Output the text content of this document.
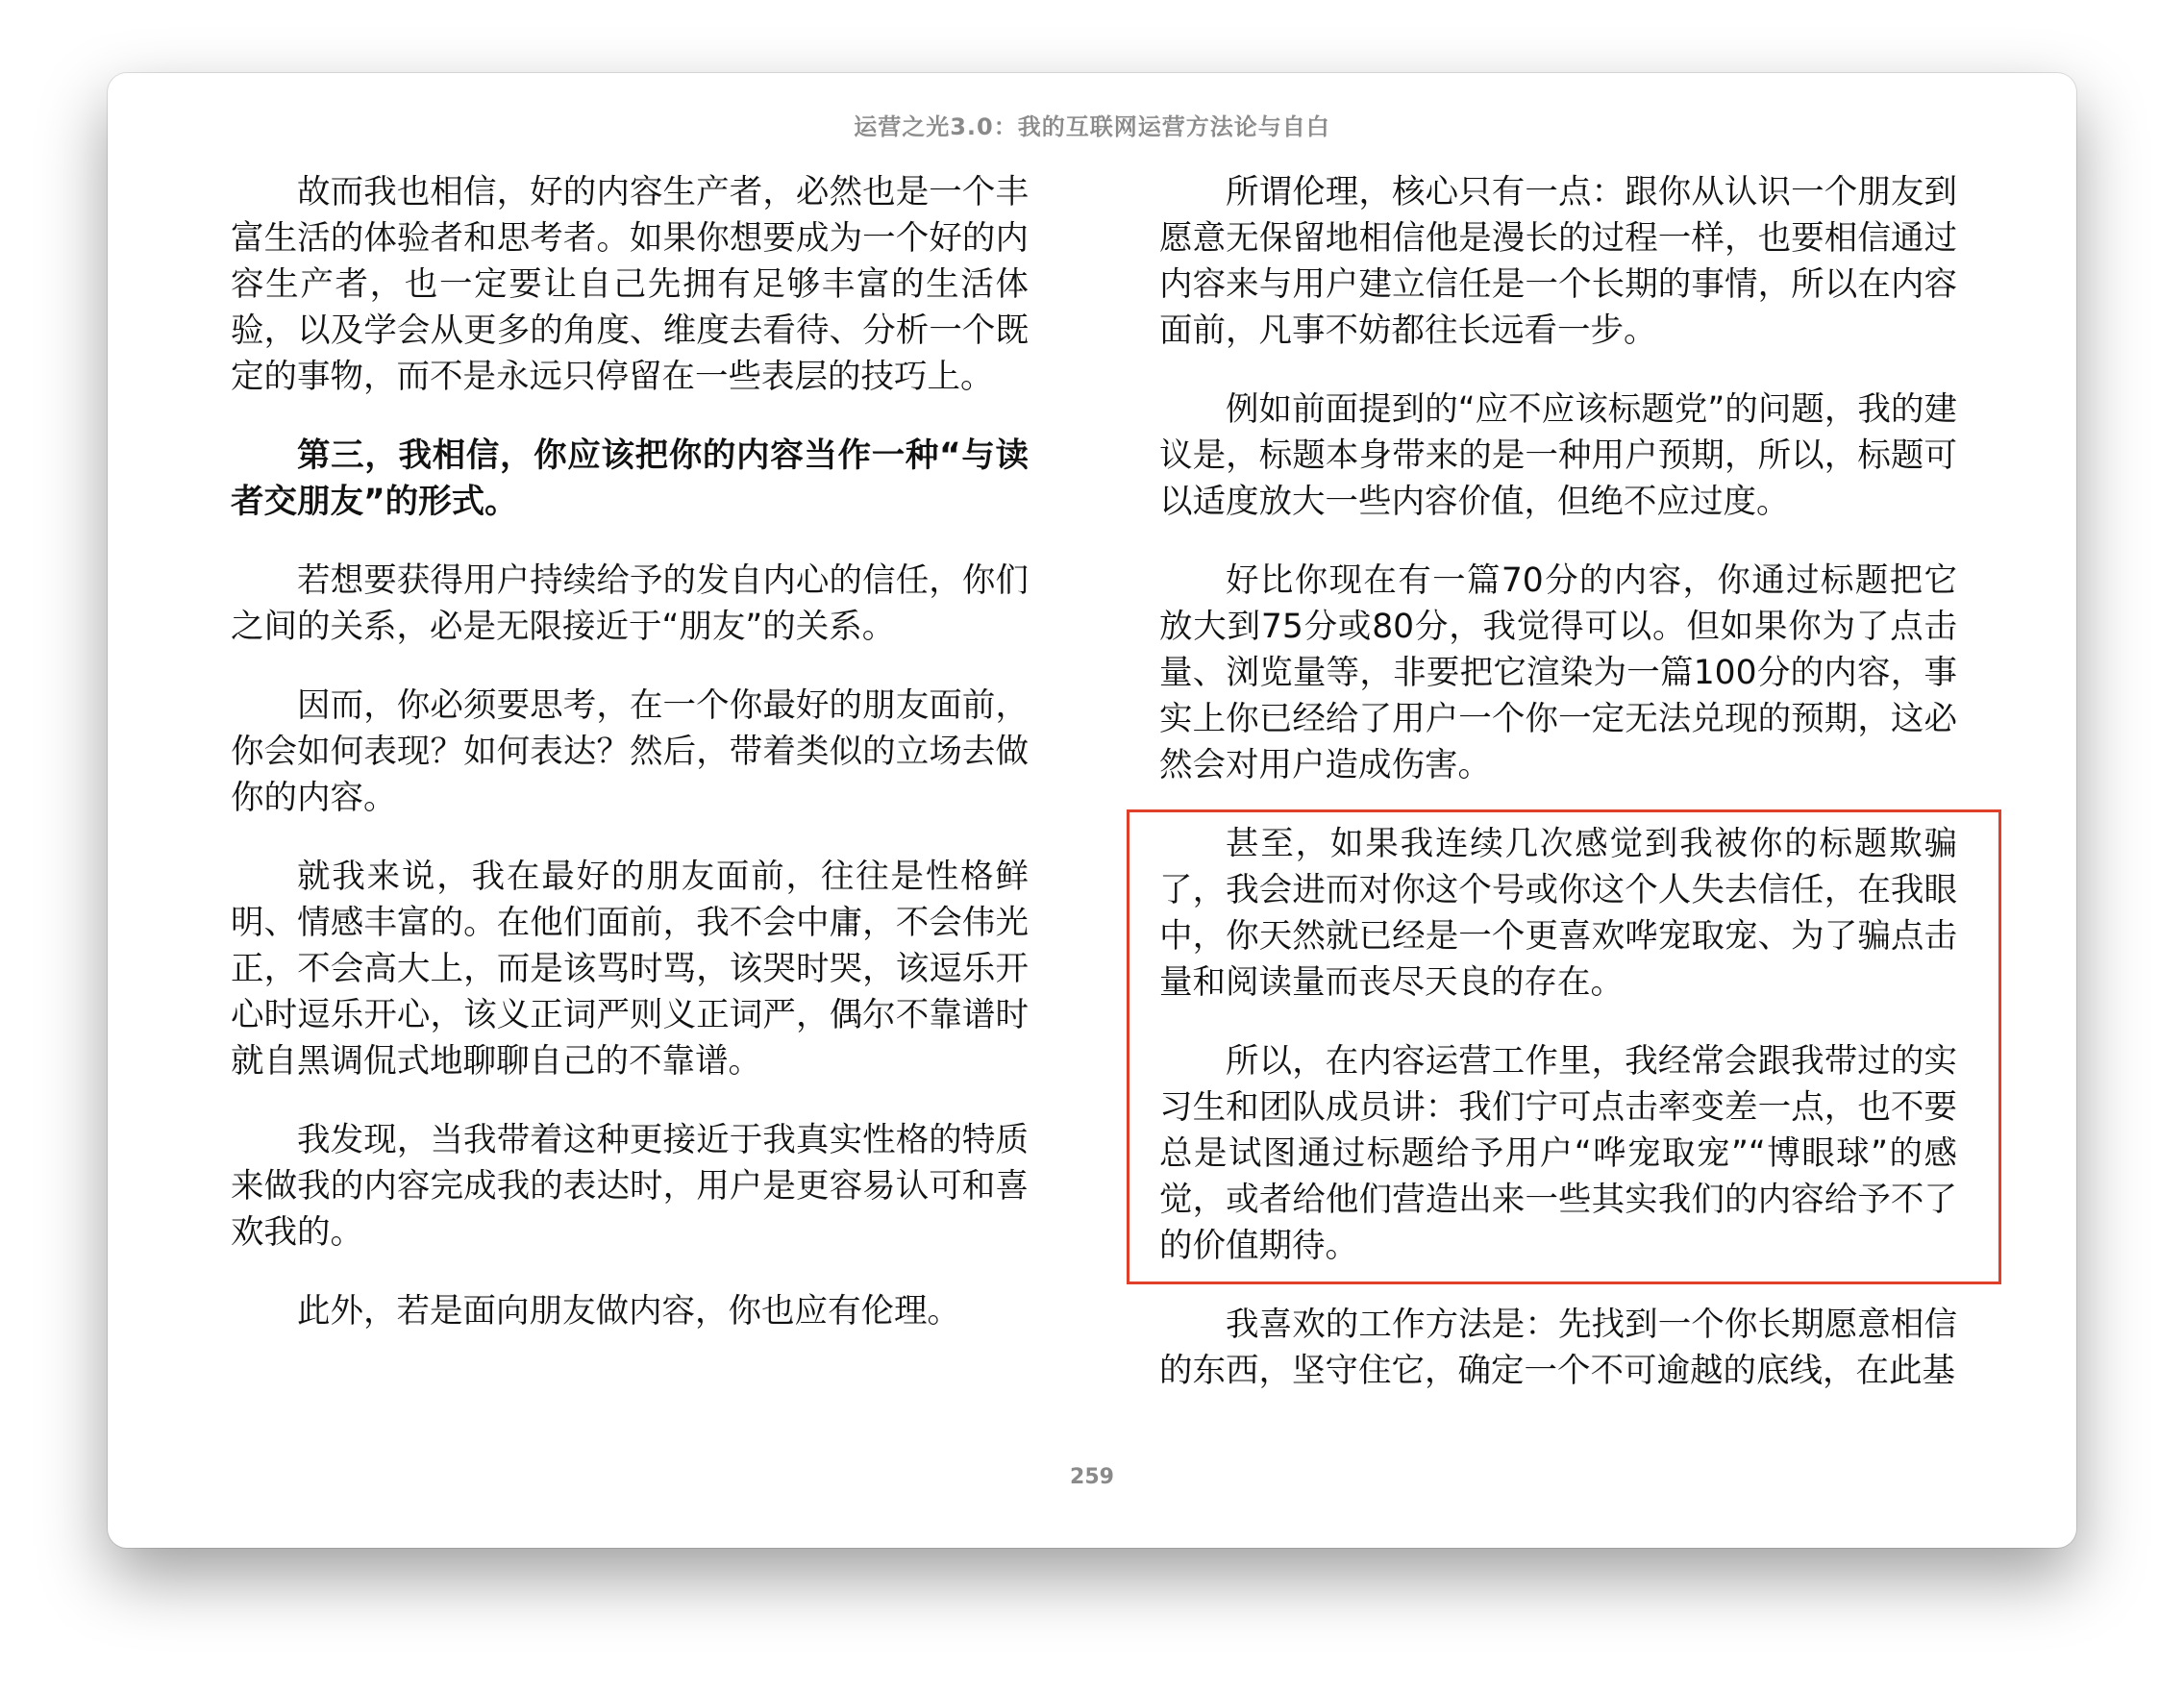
运营之光3.0：我的互联网运营方法论与自白

故而我也相信，好的内容生产者，必然也是一个丰富生活的体验者和思考者。如果你想要成为一个好的内容生产者，也一定要让自己先拥有足够丰富的生活体验，以及学会从更多的角度、维度去看待、分析一个既定的事物，而不是永远只停留在一些表层的技巧上。

第三，我相信，你应该把你的内容当作一种“与读者交朋友”的形式。

若想要获得用户持续给予的发自内心的信任，你们之间的关系，必是无限接近于“朋友”的关系。

因而，你必须要思考，在一个你最好的朋友面前，你会如何表现？如何表达？然后，带着类似的立场去做你的内容。

就我来说，我在最好的朋友面前，往往是性格鲜明、情感丰富的。在他们面前，我不会中庸，不会伟光正，不会高大上，而是该骂时骂，该哭时哭，该逗乐开心时逗乐开心，该义正词严则义正词严，偶尔不靠谱时就自黑调侃式地聊聊自己的不靠谱。

我发现，当我带着这种更接近于我真实性格的特质来做我的内容完成我的表达时，用户是更容易认可和喜欢我的。

此外，若是面向朋友做内容，你也应有伦理。

所谓伦理，核心只有一点：跟你从认识一个朋友到愿意无保留地相信他是漫长的过程一样，也要相信通过内容来与用户建立信任是一个长期的事情，所以在内容面前，凡事不妨都往长远看一步。

例如前面提到的“应不应该标题党”的问题，我的建议是，标题本身带来的是一种用户预期，所以，标题可以适度放大一些内容价值，但绝不应过度。

好比你现在有一篇70分的内容，你通过标题把它放大到75分或80分，我觉得可以。但如果你为了点击量、浏览量等，非要把它渲染为一篇100分的内容，事实上你已经给了用户一个你一定无法兑现的预期，这必然会对用户造成伤害。

甚至，如果我连续几次感觉到我被你的标题欺骗了，我会进而对你这个号或你这个人失去信任，在我眼中，你天然就已经是一个更喜欢哗宠取宠、为了骗点击量和阅读量而丧尽天良的存在。

所以，在内容运营工作里，我经常会跟我带过的实习生和团队成员讲：我们宁可点击率变差一点，也不要总是试图通过标题给予用户“哗宠取宠”“博眼球”的感觉，或者给他们营造出来一些其实我们的内容给予不了的价值期待。

我喜欢的工作方法是：先找到一个你长期愿意相信的东西，坚守住它，确定一个不可逾越的底线，在此基

259
